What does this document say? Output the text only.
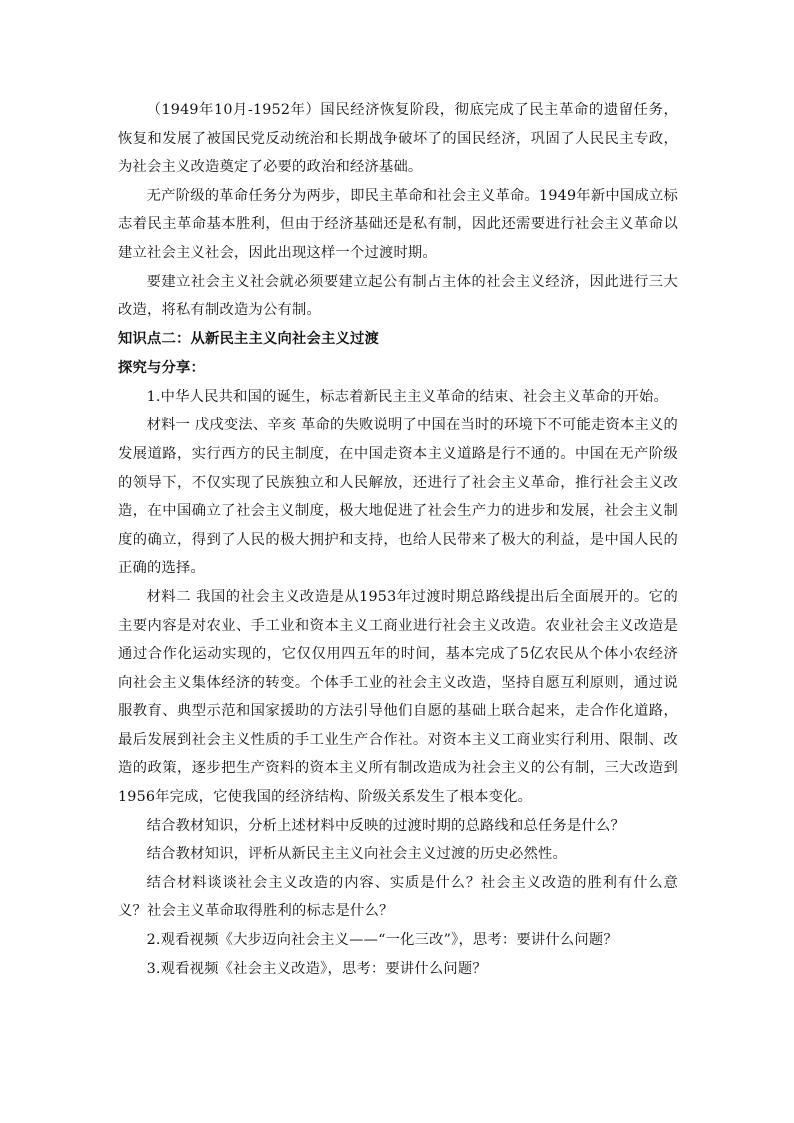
（1949年10月-1952年）国民经济恢复阶段，彻底完成了民主革命的遗留任务，恢复和发展了被国民党反动统治和长期战争破坏了的国民经济，巩固了人民民主专政，为社会主义改造奠定了必要的政治和经济基础。

无产阶级的革命任务分为两步，即民主革命和社会主义革命。1949年新中国成立标志着民主革命基本胜利，但由于经济基础还是私有制，因此还需要进行社会主义革命以建立社会主义社会，因此出现这样一个过渡时期。

要建立社会主义社会就必须要建立起公有制占主体的社会主义经济，因此进行三大改造，将私有制改造为公有制。

知识点二：从新民主主义向社会主义过渡

探究与分享：

1.中华人民共和国的诞生，标志着新民主主义革命的结束、社会主义革命的开始。

材料一 戊戌变法、辛亥 革命的失败说明了中国在当时的环境下不可能走资本主义的发展道路，实行西方的民主制度，在中国走资本主义道路是行不通的。中国在无产阶级的领导下，不仅实现了民族独立和人民解放，还进行了社会主义革命，推行社会主义改造，在中国确立了社会主义制度，极大地促进了社会生产力的进步和发展，社会主义制度的确立，得到了人民的极大拥护和支持，也给人民带来了极大的利益，是中国人民的正确的选择。

材料二 我国的社会主义改造是从1953年过渡时期总路线提出后全面展开的。它的主要内容是对农业、手工业和资本主义工商业进行社会主义改造。农业社会主义改造是通过合作化运动实现的，它仅仅用四五年的时间，基本完成了5亿农民从个体小农经济向社会主义集体经济的转变。个体手工业的社会主义改造，坚持自愿互利原则，通过说服教育、典型示范和国家援助的方法引导他们自愿的基础上联合起来，走合作化道路，最后发展到社会主义性质的手工业生产合作社。对资本主义工商业实行利用、限制、改造的政策，逐步把生产资料的资本主义所有制改造成为社会主义的公有制，三大改造到1956年完成，它使我国的经济结构、阶级关系发生了根本变化。

结合教材知识，分析上述材料中反映的过渡时期的总路线和总任务是什么？

结合教材知识，评析从新民主主义向社会主义过渡的历史必然性。

结合材料谈谈社会主义改造的内容、实质是什么？社会主义改造的胜利有什么意义？社会主义革命取得胜利的标志是什么？

2.观看视频《大步迈向社会主义——“一化三改”》，思考：要讲什么问题？

3.观看视频《社会主义改造》，思考：要讲什么问题？
